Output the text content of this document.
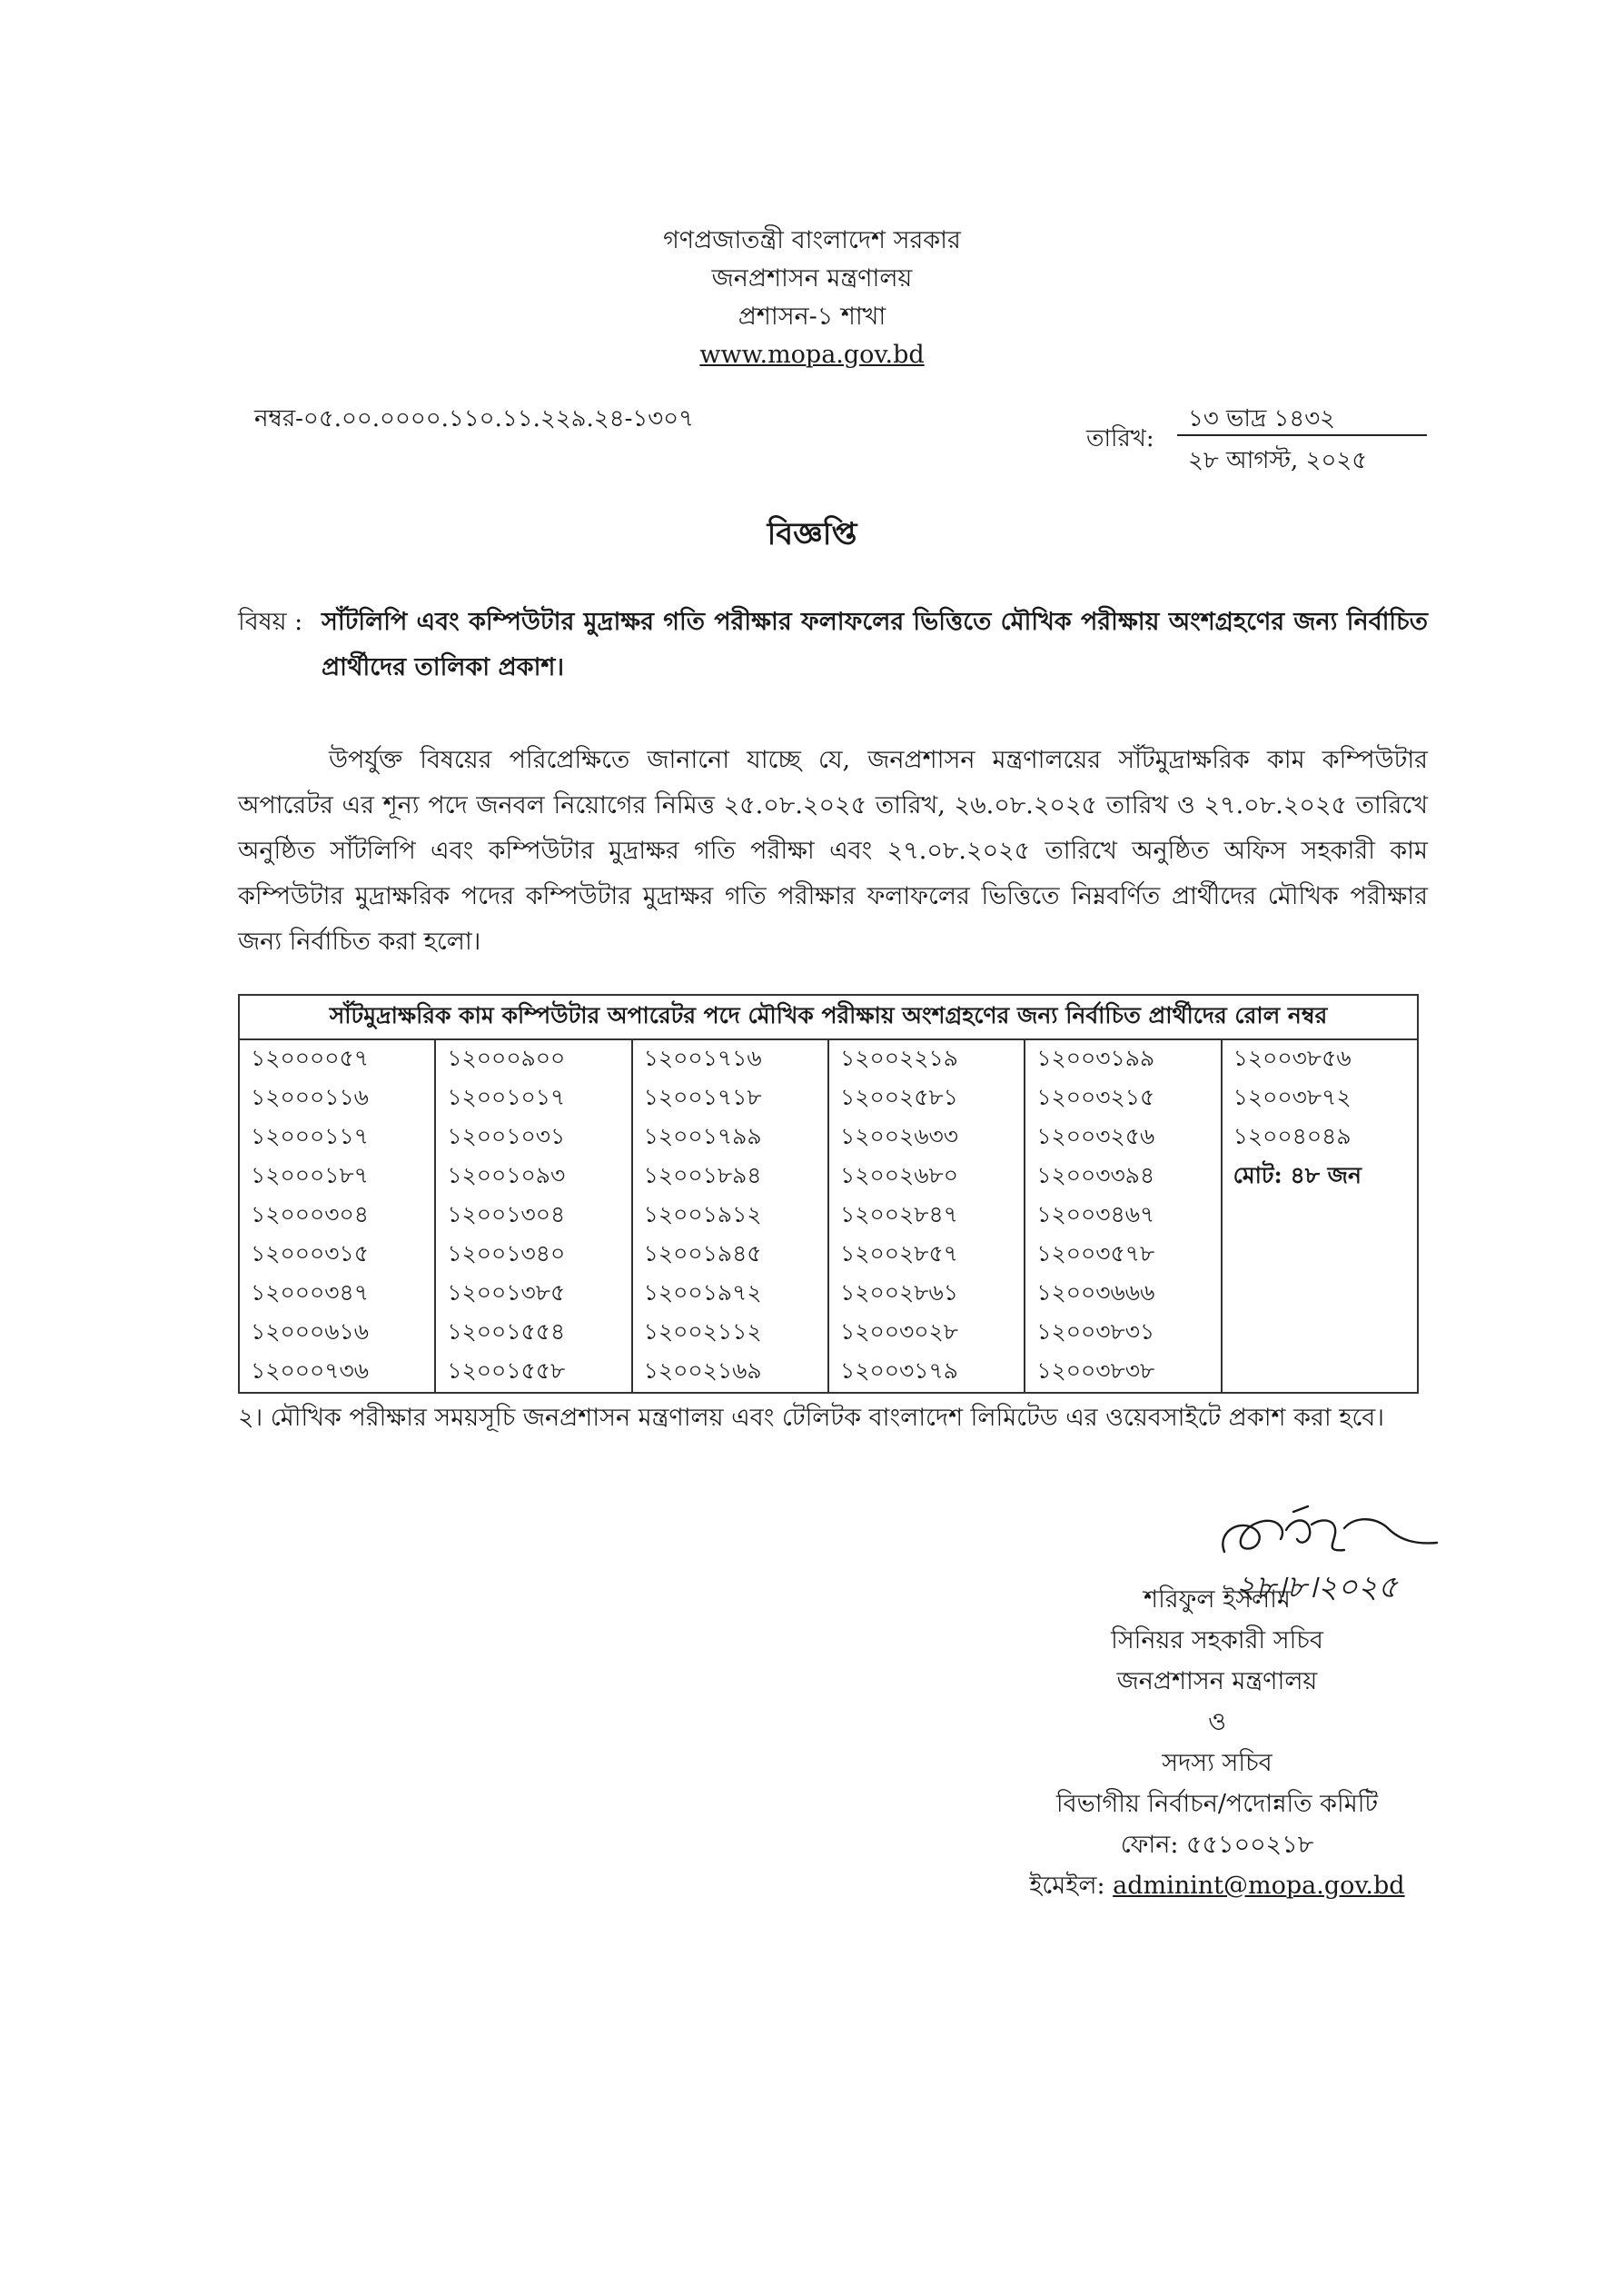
গণপ্রজাতন্ত্রী বাংলাদেশ সরকার
জনপ্রশাসন মন্ত্রণালয়
প্রশাসন-১ শাখা
www.mopa.gov.bd
নম্বর-০৫.০০.০০০০.১১০.১১.২২৯.২৪-১৩০৭
তারিখ:
১৩ ভাদ্র ১৪৩২
২৮ আগস্ট, ২০২৫
বিজ্ঞপ্তি
বিষয় : সাঁটলিপি এবং কম্পিউটার মুদ্রাক্ষর গতি পরীক্ষার ফলাফলের ভিত্তিতে মৌখিক পরীক্ষায় অংশগ্রহণের জন্য নির্বাচিত প্রার্থীদের তালিকা প্রকাশ।
উপর্যুক্ত বিষয়ের পরিপ্রেক্ষিতে জানানো যাচ্ছে যে, জনপ্রশাসন মন্ত্রণালয়ের সাঁটমুদ্রাক্ষরিক কাম কম্পিউটার অপারেটর এর শূন্য পদে জনবল নিয়োগের নিমিত্ত ২৫.০৮.২০২৫ তারিখ, ২৬.০৮.২০২৫ তারিখ ও ২৭.০৮.২০২৫ তারিখে অনুষ্ঠিত সাঁটলিপি এবং কম্পিউটার মুদ্রাক্ষর গতি পরীক্ষা এবং ২৭.০৮.২০২৫ তারিখে অনুষ্ঠিত অফিস সহকারী কাম কম্পিউটার মুদ্রাক্ষরিক পদের কম্পিউটার মুদ্রাক্ষর গতি পরীক্ষার ফলাফলের ভিত্তিতে নিম্নবর্ণিত প্রার্থীদের মৌখিক পরীক্ষার জন্য নির্বাচিত করা হলো।
সাঁটমুদ্রাক্ষরিক কাম কম্পিউটার অপারেটর পদে মৌখিক পরীক্ষায় অংশগ্রহণের জন্য নির্বাচিত প্রার্থীদের রোল নম্বর					
১২০০০০৫৭	১২০০০৯০০	১২০০১৭১৬	১২০০২২১৯	১২০০৩১৯৯	১২০০৩৮৫৬
১২০০০১১৬	১২০০১০১৭	১২০০১৭১৮	১২০০২৫৮১	১২০০৩২১৫	১২০০৩৮৭২
১২০০০১১৭	১২০০১০৩১	১২০০১৭৯৯	১২০০২৬৩৩	১২০০৩২৫৬	১২০০৪০৪৯
১২০০০১৮৭	১২০০১০৯৩	১২০০১৮৯৪	১২০০২৬৮০	১২০০৩৩৯৪	মোট: ৪৮ জন
১২০০০৩০৪	১২০০১৩০৪	১২০০১৯১২	১২০০২৮৪৭	১২০০৩৪৬৭	
১২০০০৩১৫	১২০০১৩৪০	১২০০১৯৪৫	১২০০২৮৫৭	১২০০৩৫৭৮	
১২০০০৩৪৭	১২০০১৩৮৫	১২০০১৯৭২	১২০০২৮৬১	১২০০৩৬৬৬	
১২০০০৬১৬	১২০০১৫৫৪	১২০০২১১২	১২০০৩০২৮	১২০০৩৮৩১	
১২০০০৭৩৬	১২০০১৫৫৮	১২০০২১৬৯	১২০০৩১৭৯	১২০০৩৮৩৮	
২। মৌখিক পরীক্ষার সময়সূচি জনপ্রশাসন মন্ত্রণালয় এবং টেলিটক বাংলাদেশ লিমিটেড এর ওয়েবসাইটে প্রকাশ করা হবে।
২৮।৮।২০২৫
শরিফুল ইসলাম
সিনিয়র সহকারী সচিব
জনপ্রশাসন মন্ত্রণালয়
ও
সদস্য সচিব
বিভাগীয় নির্বাচন/পদোন্নতি কমিটি
ফোন: ৫৫১০০২১৮
ইমেইল: adminint@mopa.gov.bd
